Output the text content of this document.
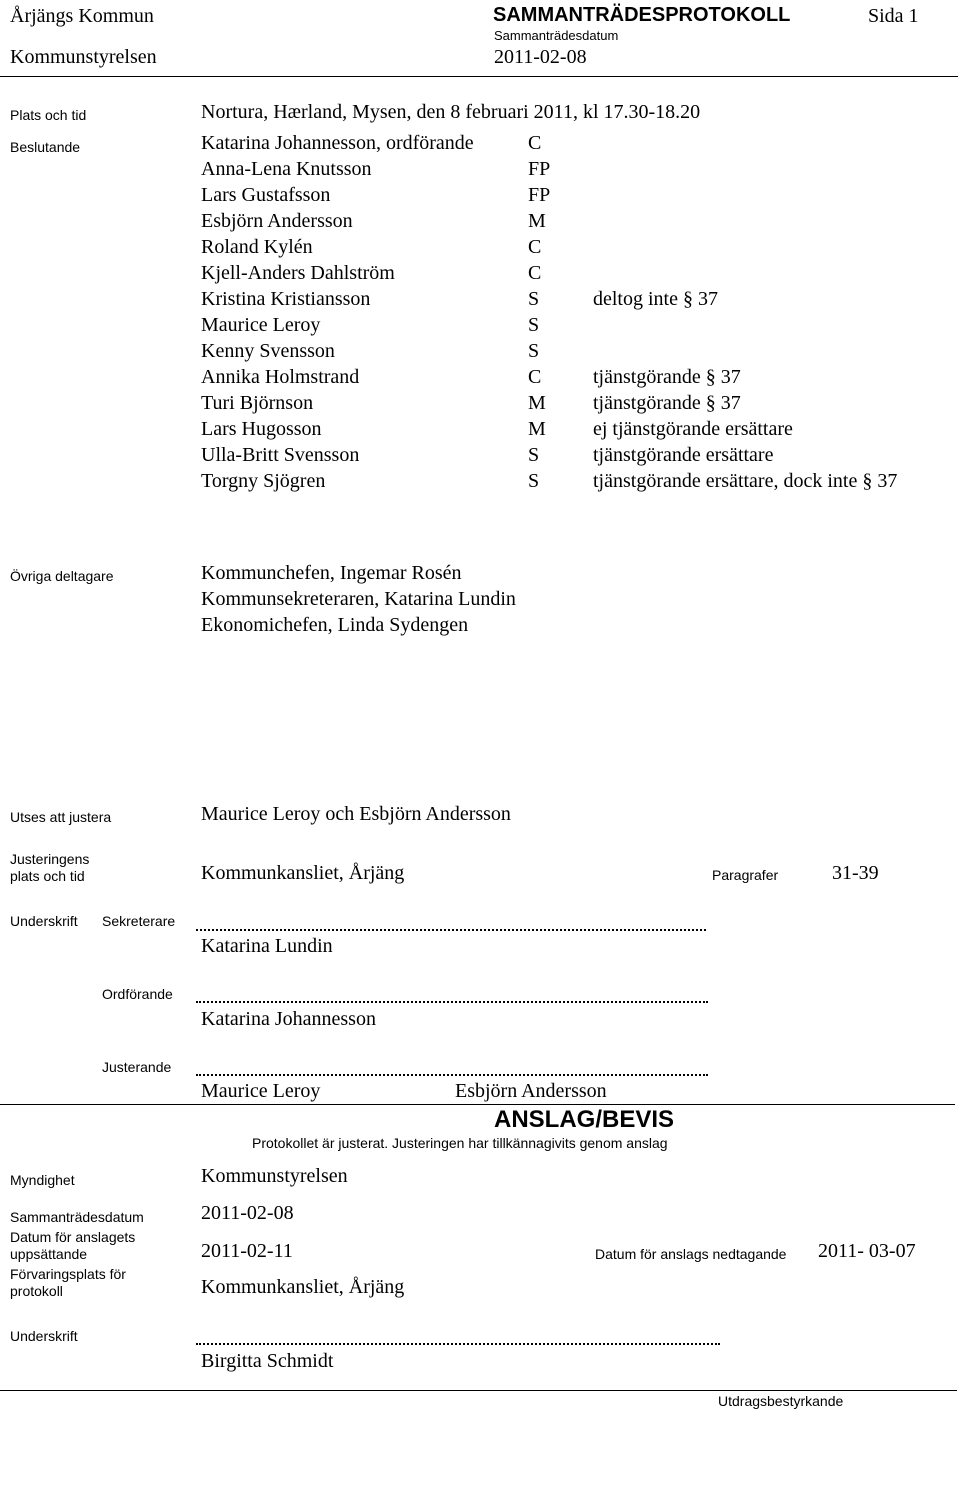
Årjängs Kommun
Kommunstyrelsen
SAMMANTRÄDESPROTOKOLL
Sammanträdesdatum
2011-02-08
Sida 1
Plats och tid	Nortura, Hærland, Mysen, den 8 februari 2011, kl 17.30-18.20
Beslutande	Katarina Johannesson, ordförande	C
Anna-Lena Knutsson	FP
Lars Gustafsson	FP
Esbjörn Andersson	M
Roland Kylén	C
Kjell-Anders Dahlström	C
Kristina Kristiansson	S	deltog inte § 37
Maurice Leroy	S
Kenny Svensson	S
Annika Holmstrand	C	tjänstgörande § 37
Turi Björnson	M tjänstgörande § 37
Lars Hugosson	M ej tjänstgörande ersättare
Ulla-Britt Svensson	S	tjänstgörande ersättare
Torgny Sjögren	S	tjänstgörande ersättare, dock inte § 37
Övriga deltagare	Kommunchefen, Ingemar Rosén
Kommunsekreteraren, Katarina Lundin
Ekonomichefen, Linda Sydengen
Utses att justera	Maurice Leroy och Esbjörn Andersson
Justeringens
plats och tid	Kommunkansliet, Årjäng	Paragrafer	31-39
Underskrift Sekreterare
Katarina Lundin
Ordförande
Katarina Johannesson
Justerande
Maurice Leroy	Esbjörn Andersson
ANSLAG/BEVIS
Protokollet är justerat. Justeringen har tillkännagivits genom anslag
Myndighet	Kommunstyrelsen
Sammanträdesdatum	2011-02-08
Datum för anslagets
uppsättande	2011-02-11	Datum för anslags nedtagande 2011- 03-07
Förvaringsplats för
protokoll	Kommunkansliet, Årjäng
Underskrift
Birgitta Schmidt
Utdragsbestyrkande
